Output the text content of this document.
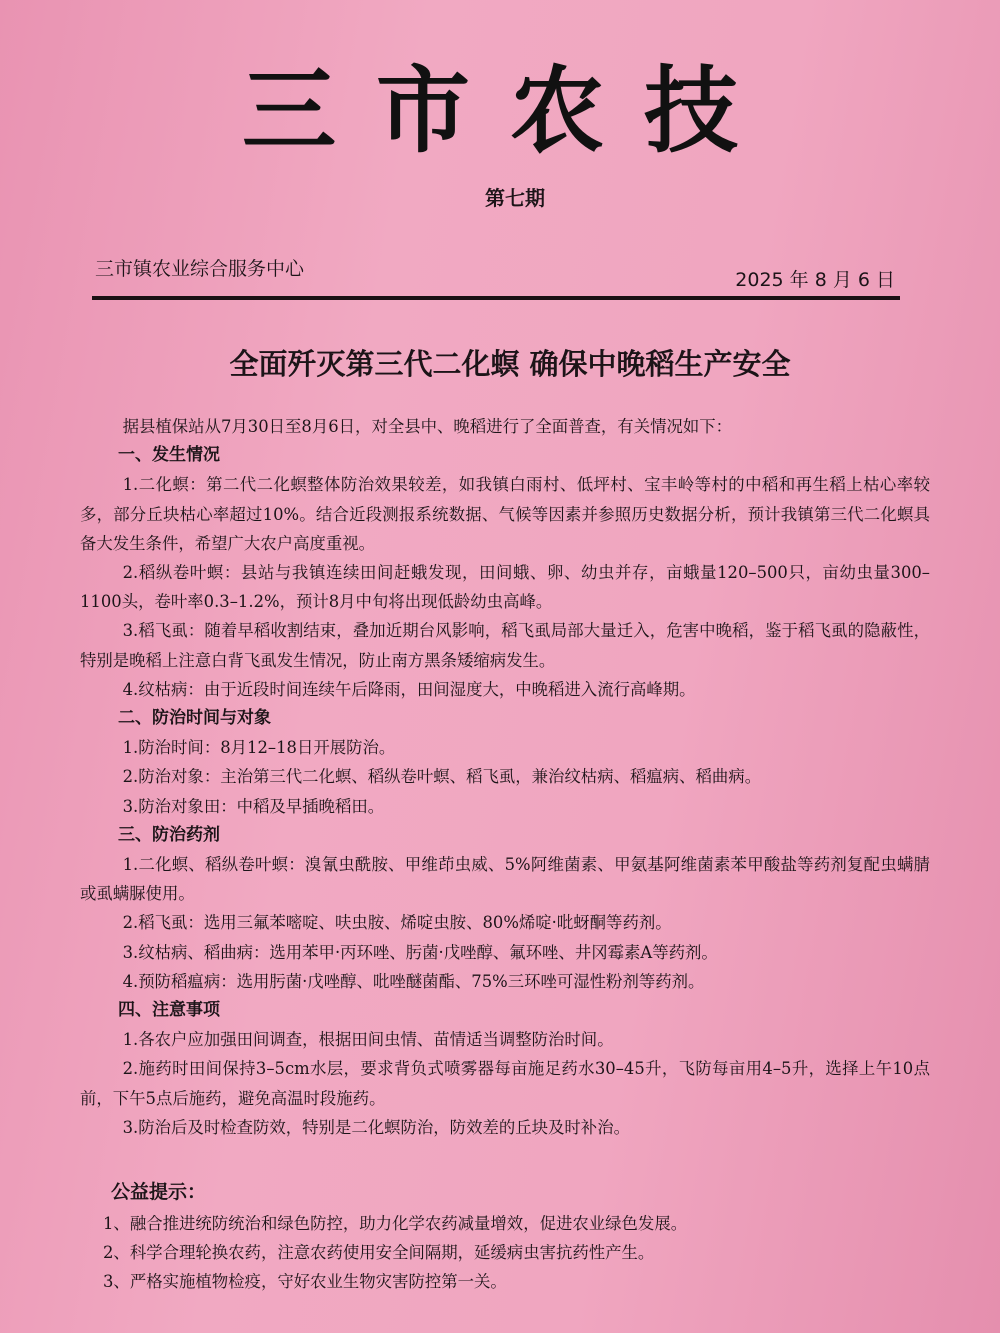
三市农技

第七期

三市镇农业综合服务中心	2025 年 8 月 6 日

全面歼灭第三代二化螟 确保中晚稻生产安全

据县植保站从7月30日至8月6日，对全县中、晚稻进行了全面普查，有关情况如下：

一、发生情况

1.二化螟：第二代二化螟整体防治效果较差，如我镇白雨村、低坪村、宝丰岭等村的中稻和再生稻上枯心率较多，部分丘块枯心率超过10%。结合近段测报系统数据、气候等因素并参照历史数据分析，预计我镇第三代二化螟具备大发生条件，希望广大农户高度重视。

2.稻纵卷叶螟：县站与我镇连续田间赶蛾发现，田间蛾、卵、幼虫并存，亩蛾量120–500只，亩幼虫量300–1100头，卷叶率0.3–1.2%，预计8月中旬将出现低龄幼虫高峰。

3.稻飞虱：随着早稻收割结束，叠加近期台风影响，稻飞虱局部大量迁入，危害中晚稻，鉴于稻飞虱的隐蔽性，特别是晚稻上注意白背飞虱发生情况，防止南方黑条矮缩病发生。

4.纹枯病：由于近段时间连续午后降雨，田间湿度大，中晚稻进入流行高峰期。

二、防治时间与对象

1.防治时间：8月12–18日开展防治。

2.防治对象：主治第三代二化螟、稻纵卷叶螟、稻飞虱，兼治纹枯病、稻瘟病、稻曲病。

3.防治对象田：中稻及早插晚稻田。

三、防治药剂

1.二化螟、稻纵卷叶螟：溴氰虫酰胺、甲维茚虫威、5%阿维菌素、甲氨基阿维菌素苯甲酸盐等药剂复配虫螨腈或虱螨脲使用。

2.稻飞虱：选用三氟苯嘧啶、呋虫胺、烯啶虫胺、80%烯啶·吡蚜酮等药剂。

3.纹枯病、稻曲病：选用苯甲·丙环唑、肟菌·戊唑醇、氟环唑、井冈霉素A等药剂。

4.预防稻瘟病：选用肟菌·戊唑醇、吡唑醚菌酯、75%三环唑可湿性粉剂等药剂。

四、注意事项

1.各农户应加强田间调查，根据田间虫情、苗情适当调整防治时间。

2.施药时田间保持3–5cm水层，要求背负式喷雾器每亩施足药水30–45升，飞防每亩用4–5升，选择上午10点前，下午5点后施药，避免高温时段施药。

3.防治后及时检查防效，特别是二化螟防治，防效差的丘块及时补治。

公益提示：

1、融合推进统防统治和绿色防控，助力化学农药减量增效，促进农业绿色发展。

2、科学合理轮换农药，注意农药使用安全间隔期，延缓病虫害抗药性产生。

3、严格实施植物检疫，守好农业生物灾害防控第一关。
